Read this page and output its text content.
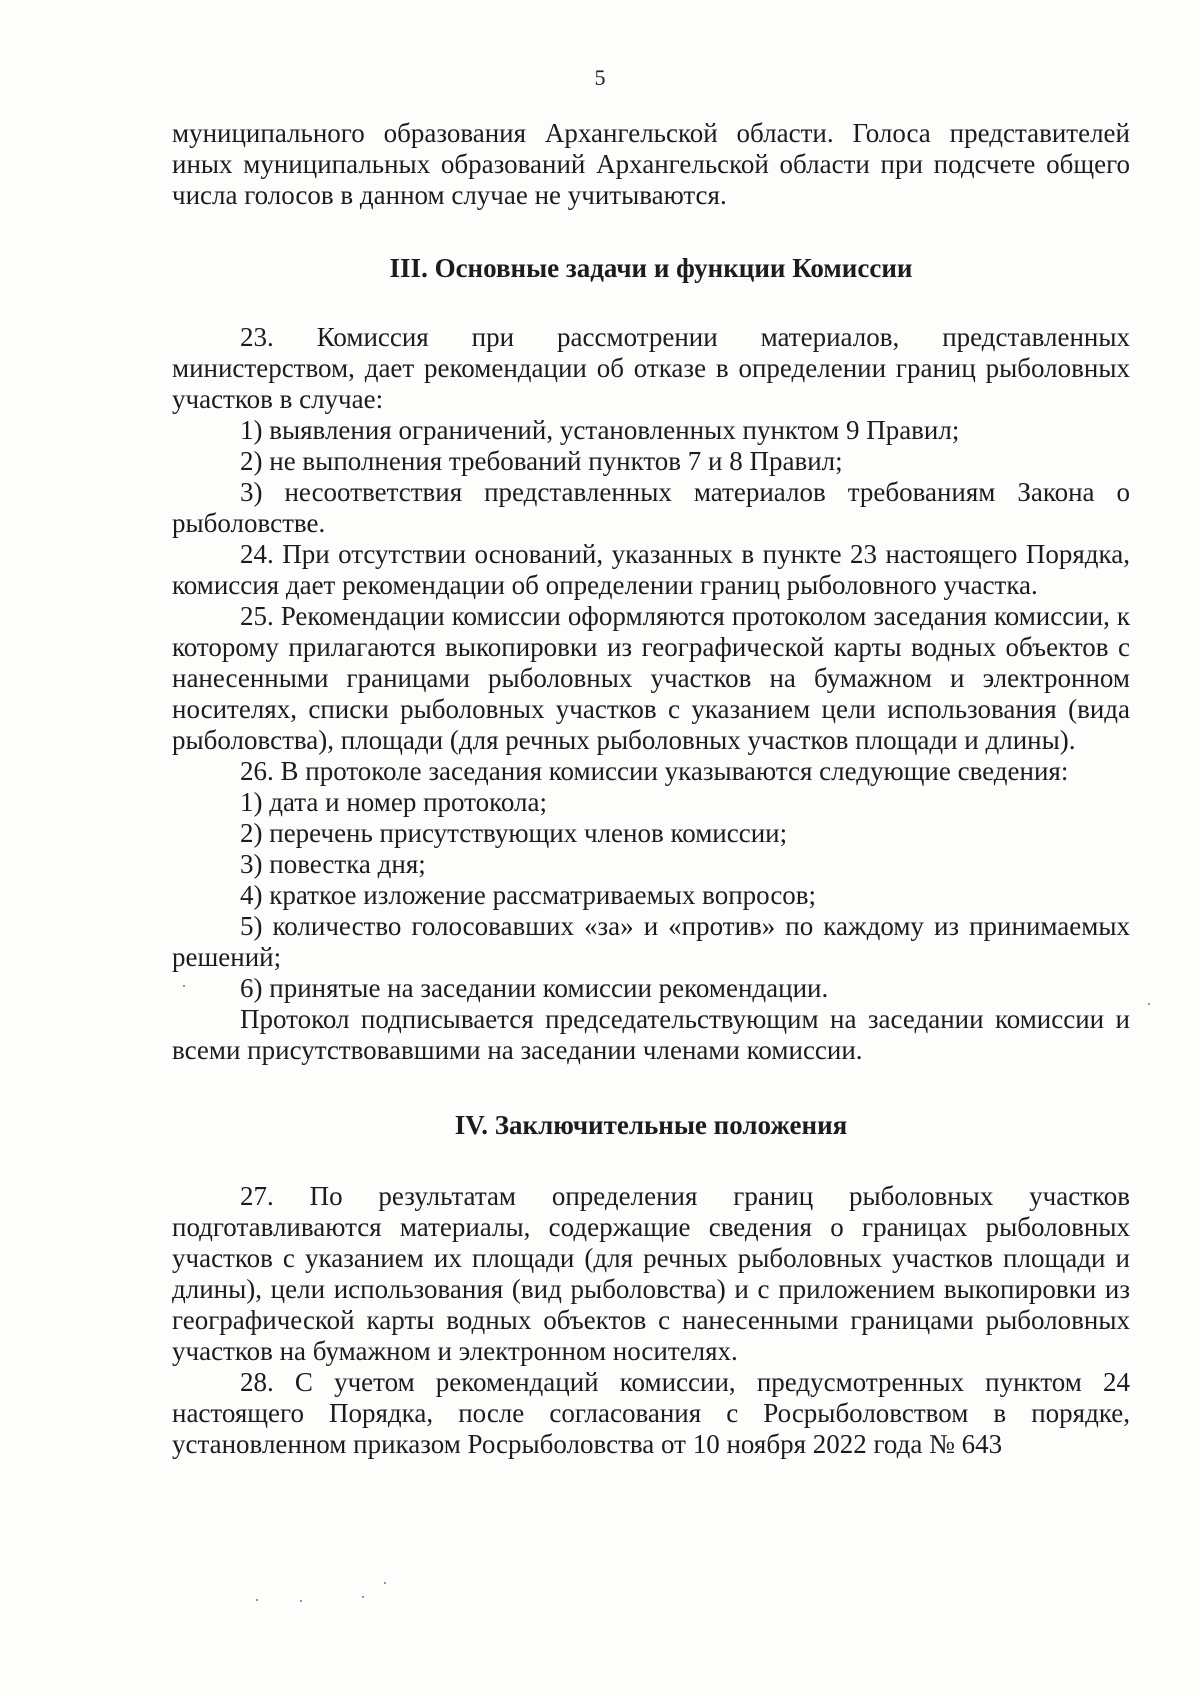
5

муниципального образования Архангельской области. Голоса представителей иных муниципальных образований Архангельской области при подсчете общего числа голосов в данном случае не учитываются.

III. Основные задачи и функции Комиссии

23. Комиссия при рассмотрении материалов, представленных министерством, дает рекомендации об отказе в определении границ рыболовных участков в случае:

1) выявления ограничений, установленных пунктом 9 Правил;

2) не выполнения требований пунктов 7 и 8 Правил;

3) несоответствия представленных материалов требованиям Закона о рыболовстве.

24. При отсутствии оснований, указанных в пункте 23 настоящего Порядка, комиссия дает рекомендации об определении границ рыболовного участка.

25. Рекомендации комиссии оформляются протоколом заседания комиссии, к которому прилагаются выкопировки из географической карты водных объектов с нанесенными границами рыболовных участков на бумажном и электронном носителях, списки рыболовных участков с указанием цели использования (вида рыболовства), площади (для речных рыболовных участков площади и длины).

26. В протоколе заседания комиссии указываются следующие сведения:

1) дата и номер протокола;

2) перечень присутствующих членов комиссии;

3) повестка дня;

4) краткое изложение рассматриваемых вопросов;

5) количество голосовавших «за» и «против» по каждому из принимаемых решений;

6) принятые на заседании комиссии рекомендации.

Протокол подписывается председательствующим на заседании комиссии и всеми присутствовавшими на заседании членами комиссии.

IV. Заключительные положения

27. По результатам определения границ рыболовных участков подготавливаются материалы, содержащие сведения о границах рыболовных участков с указанием их площади (для речных рыболовных участков площади и длины), цели использования (вид рыболовства) и с приложением выкопировки из географической карты водных объектов с нанесенными границами рыболовных участков на бумажном и электронном носителях.

28. С учетом рекомендаций комиссии, предусмотренных пунктом 24 настоящего Порядка, после согласования с Росрыболовством в порядке, установленном приказом Росрыболовства от 10 ноября 2022 года № 643
